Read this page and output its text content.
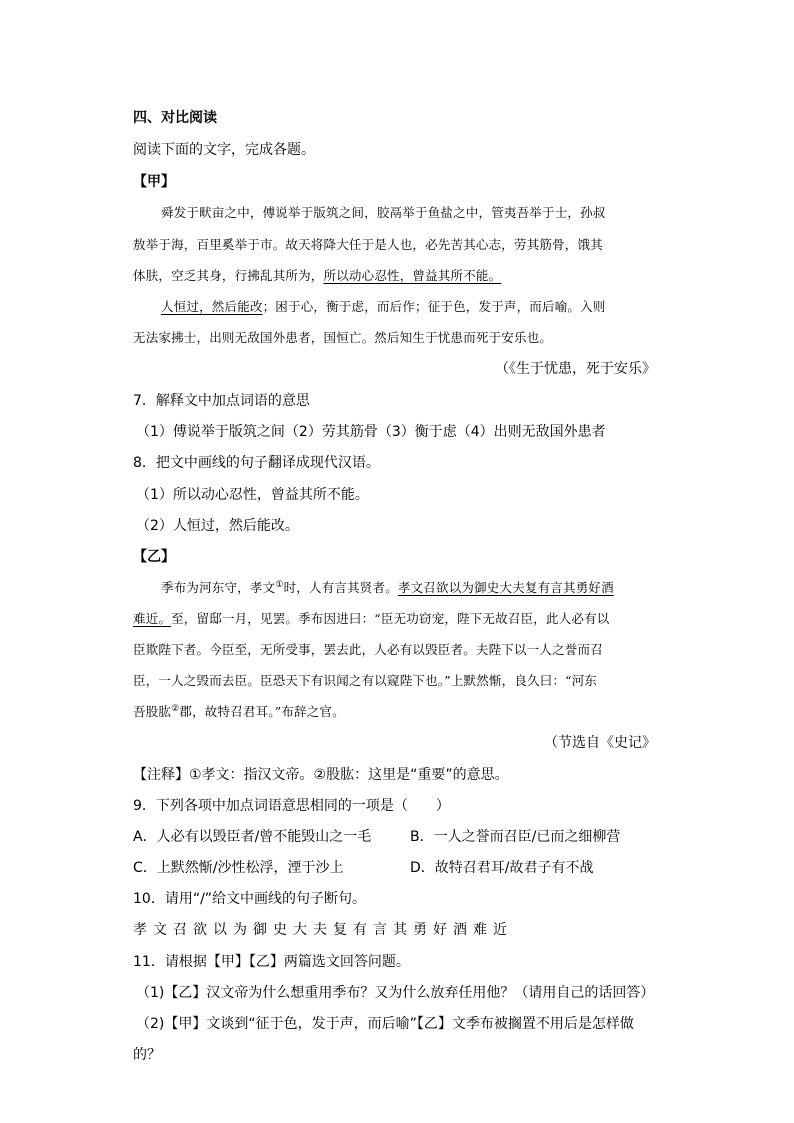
四、对比阅读
阅读下面的文字，完成各题。
【甲】
舜发于畎亩之中，傅说举于版筑之间，胶鬲举于鱼盐之中，管夷吾举于士，孙叔
敖举于海，百里奚举于市。故天将降大任于是人也，必先苦其心志，劳其筋骨，饿其
体肤，空乏其身，行拂乱其所为，所以动心忍性，曾益其所不能。
人恒过，然后能改；困于心，衡于虑，而后作；征于色，发于声，而后喻。入则
无法家拂士，出则无敌国外患者，国恒亡。然后知生于忧患而死于安乐也。
（《生于忧患，死于安乐》
7．解释文中加点词语的意思
（1）傅说举于版筑之间（2）劳其筋骨（3）衡于虑（4）出则无敌国外患者
8．把文中画线的句子翻译成现代汉语。
（1）所以动心忍性，曾益其所不能。
（2）人恒过，然后能改。
【乙】
季布为河东守，孝文①时，人有言其贤者。孝文召欲以为御史大夫复有言其勇好酒
难近。至，留邸一月，见罢。季布因进曰：“臣无功窃宠，陛下无故召臣，此人必有以
臣欺陛下者。今臣至，无所受事，罢去此，人必有以毁臣者。夫陛下以一人之誉而召
臣，一人之毁而去臣。臣恐天下有识闻之有以窥陛下也。”上默然惭，良久曰：“河东
吾股肱②郡，故特召君耳。”布辞之官。
（节选自《史记》
【注释】①孝文：指汉文帝。②股肱：这里是“重要”的意思。
9．下列各项中加点词语意思相同的一项是（　　）
A．人必有以毁臣者/曾不能毁山之一毛	B．一人之誉而召臣/已而之细柳营
C．上默然惭/沙性松浮，湮于沙上	D．故特召君耳/故君子有不战
10．请用“/”给文中画线的句子断句。
孝文召欲以为御史大夫复有言其勇好酒难近
11．请根据【甲】【乙】两篇选文回答问题。
（1)【乙】汉文帝为什么想重用季布？又为什么放弃任用他？（请用自己的话回答）
（2)【甲】文谈到“征于色，发于声，而后喻”【乙】文季布被搁置不用后是怎样做
的？
